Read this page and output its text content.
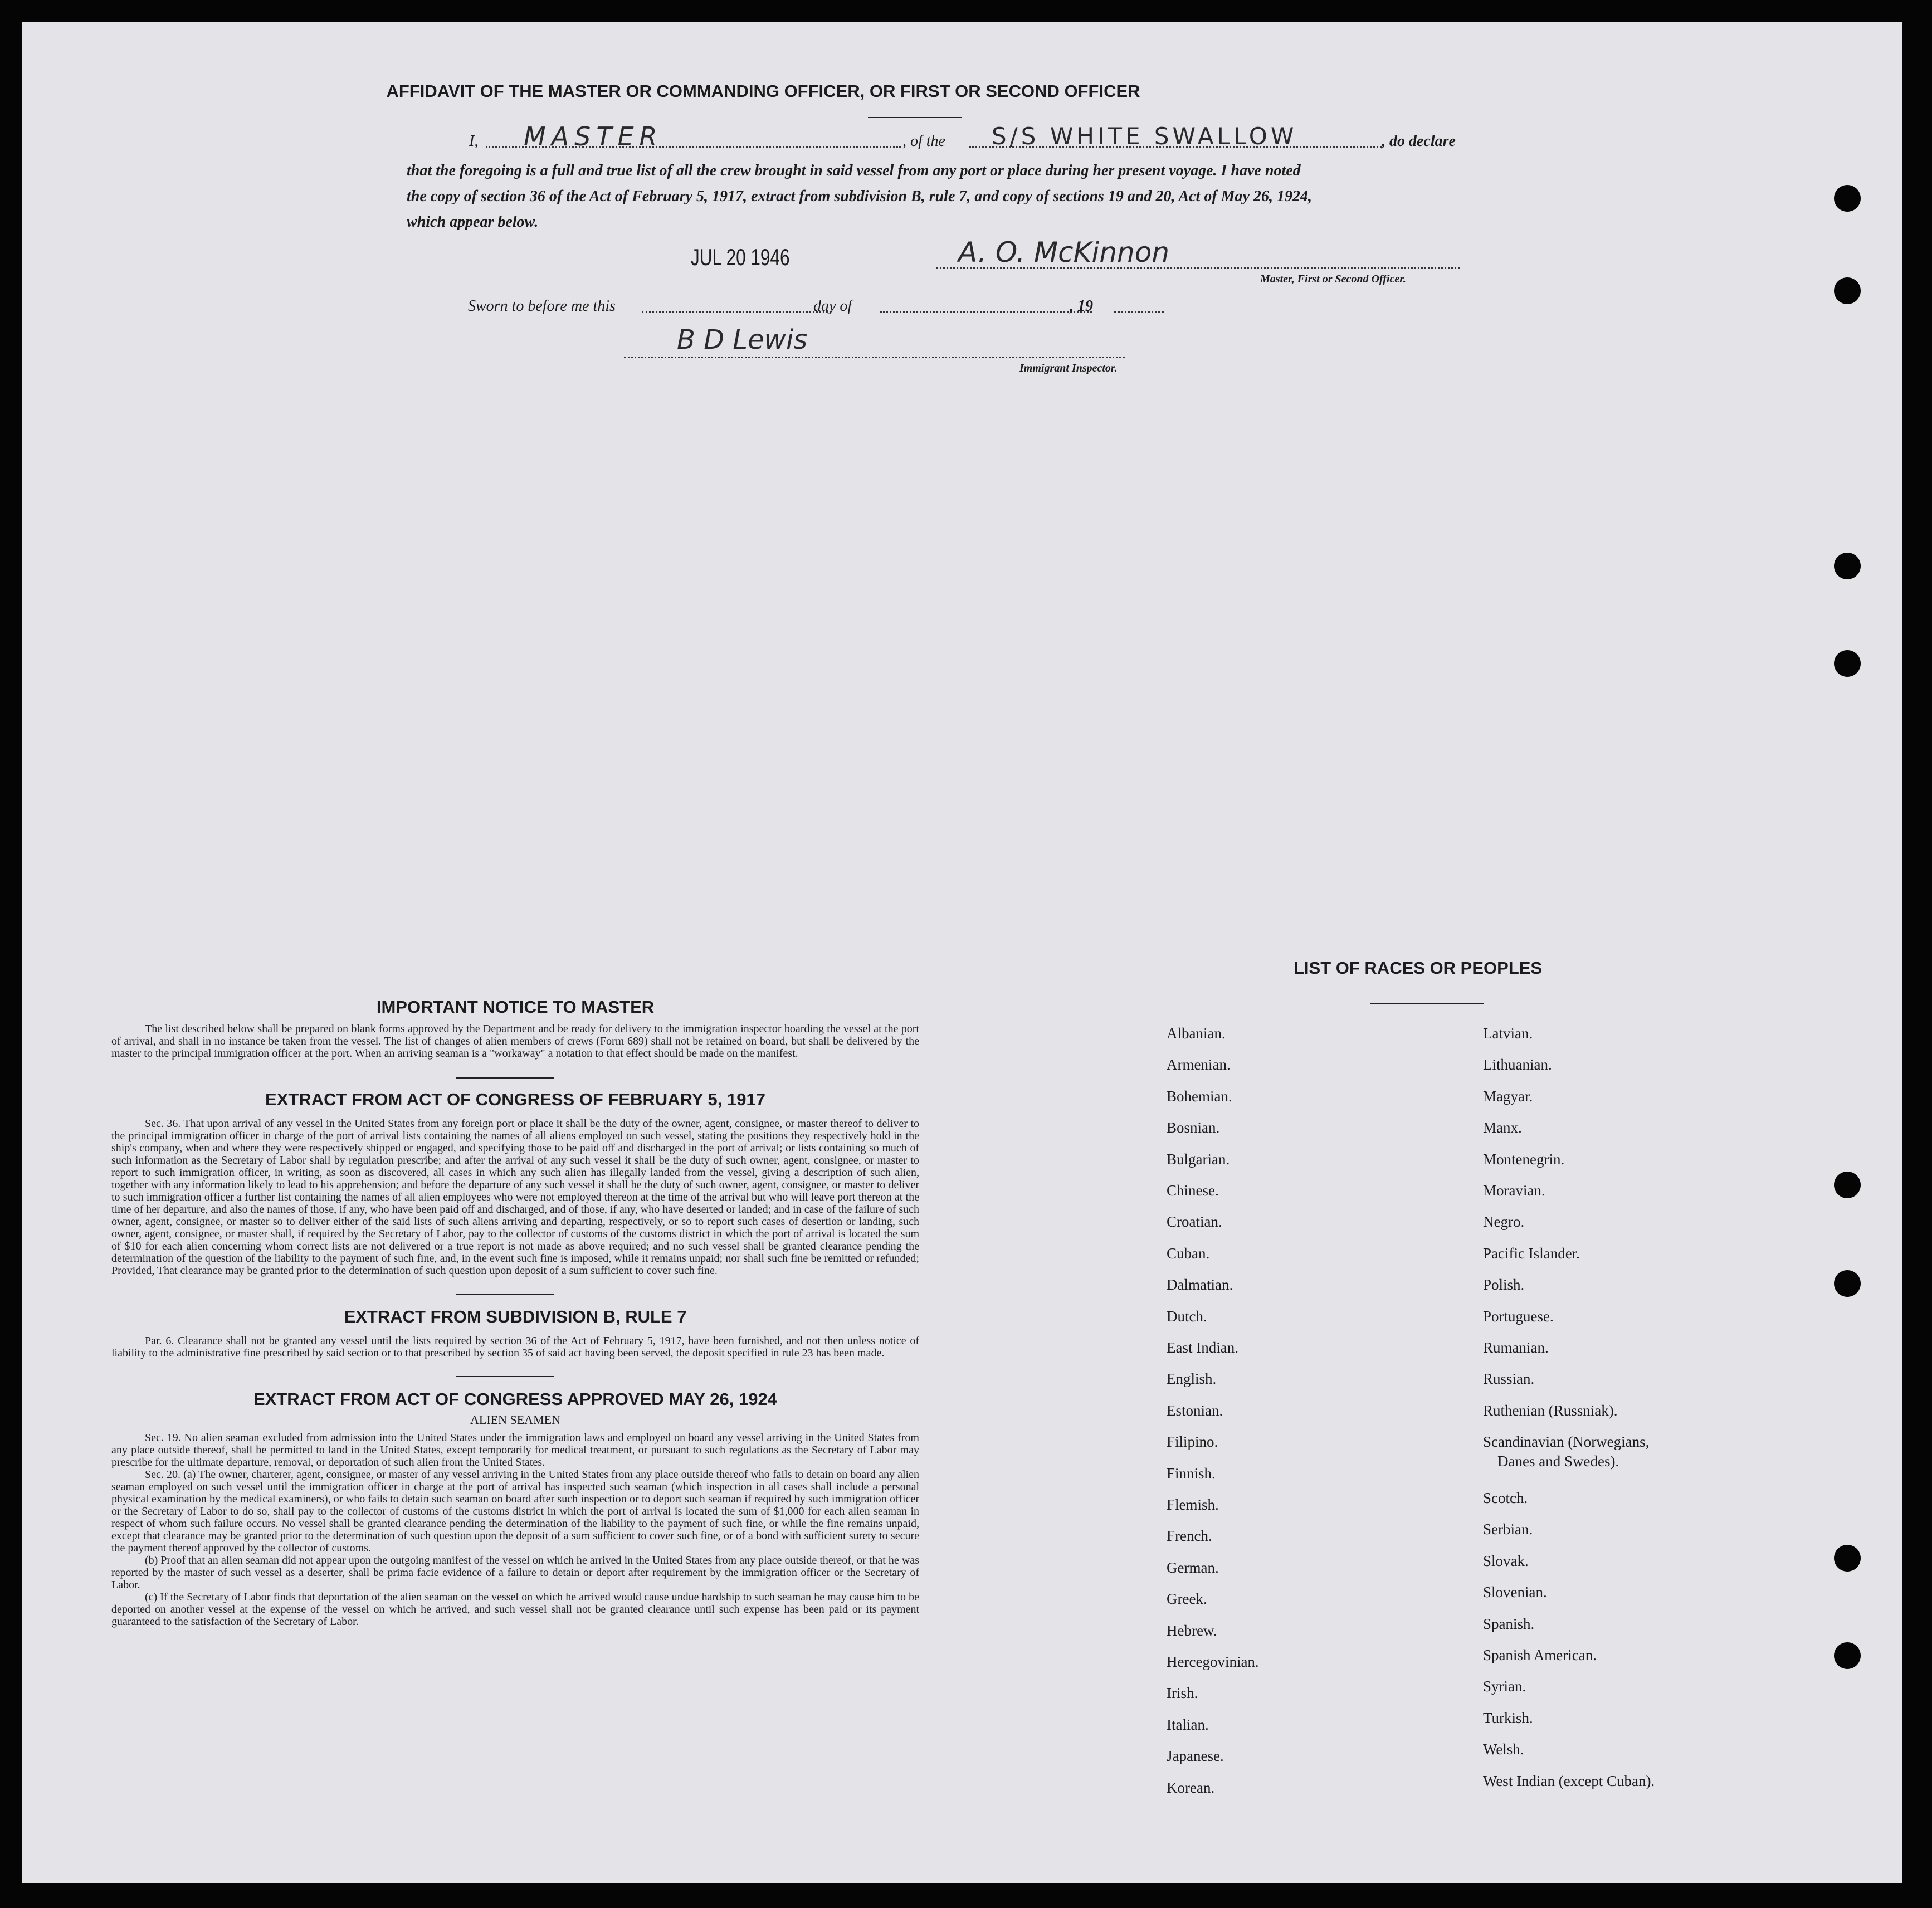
AFFIDAVIT OF THE MASTER OR COMMANDING OFFICER, OR FIRST OR SECOND OFFICER
I, MASTER	, of the S/S WHITE SWALLOW	, do declare
that the foregoing is a full and true list of all the crew brought in said vessel from any port or place during her present voyage. I have noted
the copy of section 36 of the Act of February 5, 1917, extract from subdivision B, rule 7, and copy of sections 19 and 20, Act of May 26, 1924,
which appear below.
JUL 20 1946	A. O. McKinnon
Master, First or Second Officer.
Sworn to before me this	day of	, 19
B D Lewis
Immigrant Inspector.
IMPORTANT NOTICE TO MASTER
The list described below shall be prepared on blank forms approved by the Department and be ready for delivery to the immigration inspector boarding the vessel at the port of arrival, and shall in no instance be taken from the vessel. The list of changes of alien members of crews (Form 689) shall not be retained on board, but shall be delivered by the master to the principal immigration officer at the port. When an arriving seaman is a "workaway" a notation to that effect should be made on the manifest.
EXTRACT FROM ACT OF CONGRESS OF FEBRUARY 5, 1917
Sec. 36. That upon arrival of any vessel in the United States from any foreign port or place it shall be the duty of the owner, agent, consignee, or master thereof to deliver to the principal immigration officer in charge of the port of arrival lists containing the names of all aliens employed on such vessel, stating the positions they respectively hold in the ship's company, when and where they were respectively shipped or engaged, and specifying those to be paid off and discharged in the port of arrival; or lists containing so much of such information as the Secretary of Labor shall by regulation prescribe; and after the arrival of any such vessel it shall be the duty of such owner, agent, consignee, or master to report to such immigration officer, in writing, as soon as discovered, all cases in which any such alien has illegally landed from the vessel, giving a description of such alien, together with any information likely to lead to his apprehension; and before the departure of any such vessel it shall be the duty of such owner, agent, consignee, or master to deliver to such immigration officer a further list containing the names of all alien employees who were not employed thereon at the time of the arrival but who will leave port thereon at the time of her departure, and also the names of those, if any, who have been paid off and discharged, and of those, if any, who have deserted or landed; and in case of the failure of such owner, agent, consignee, or master so to deliver either of the said lists of such aliens arriving and departing, respectively, or so to report such cases of desertion or landing, such owner, agent, consignee, or master shall, if required by the Secretary of Labor, pay to the collector of customs of the customs district in which the port of arrival is located the sum of $10 for each alien concerning whom correct lists are not delivered or a true report is not made as above required; and no such vessel shall be granted clearance pending the determination of the question of the liability to the payment of such fine, and, in the event such fine is imposed, while it remains unpaid; nor shall such fine be remitted or refunded; Provided, That clearance may be granted prior to the determination of such question upon deposit of a sum sufficient to cover such fine.
EXTRACT FROM SUBDIVISION B, RULE 7
Par. 6. Clearance shall not be granted any vessel until the lists required by section 36 of the Act of February 5, 1917, have been furnished, and not then unless notice of liability to the administrative fine prescribed by said section or to that prescribed by section 35 of said act having been served, the deposit specified in rule 23 has been made.
EXTRACT FROM ACT OF CONGRESS APPROVED MAY 26, 1924
ALIEN SEAMEN
Sec. 19. No alien seaman excluded from admission into the United States under the immigration laws and employed on board any vessel arriving in the United States from any place outside thereof, shall be permitted to land in the United States, except temporarily for medical treatment, or pursuant to such regulations as the Secretary of Labor may prescribe for the ultimate departure, removal, or deportation of such alien from the United States.
Sec. 20. (a) The owner, charterer, agent, consignee, or master of any vessel arriving in the United States from any place outside thereof who fails to detain on board any alien seaman employed on such vessel until the immigration officer in charge at the port of arrival has inspected such seaman (which inspection in all cases shall include a personal physical examination by the medical examiners), or who fails to detain such seaman on board after such inspection or to deport such seaman if required by such immigration officer or the Secretary of Labor to do so, shall pay to the collector of customs of the customs district in which the port of arrival is located the sum of $1,000 for each alien seaman in respect of whom such failure occurs. No vessel shall be granted clearance pending the determination of the liability to the payment of such fine, or while the fine remains unpaid, except that clearance may be granted prior to the determination of such question upon the deposit of a sum sufficient to cover such fine, or of a bond with sufficient surety to secure the payment thereof approved by the collector of customs.
(b) Proof that an alien seaman did not appear upon the outgoing manifest of the vessel on which he arrived in the United States from any place outside thereof, or that he was reported by the master of such vessel as a deserter, shall be prima facie evidence of a failure to detain or deport after requirement by the immigration officer or the Secretary of Labor.
(c) If the Secretary of Labor finds that deportation of the alien seaman on the vessel on which he arrived would cause undue hardship to such seaman he may cause him to be deported on another vessel at the expense of the vessel on which he arrived, and such vessel shall not be granted clearance until such expense has been paid or its payment guaranteed to the satisfaction of the Secretary of Labor.
LIST OF RACES OR PEOPLES
Albanian.
Armenian.
Bohemian.
Bosnian.
Bulgarian.
Chinese.
Croatian.
Cuban.
Dalmatian.
Dutch.
East Indian.
English.
Estonian.
Filipino.
Finnish.
Flemish.
French.
German.
Greek.
Hebrew.
Hercegovinian.
Irish.
Italian.
Japanese.
Korean.
Latvian.
Lithuanian.
Magyar.
Manx.
Montenegrin.
Moravian.
Negro.
Pacific Islander.
Polish.
Portuguese.
Rumanian.
Russian.
Ruthenian (Russniak).
Scandinavian (Norwegians,
Danes and Swedes).
Scotch.
Serbian.
Slovak.
Slovenian.
Spanish.
Spanish American.
Syrian.
Turkish.
Welsh.
West Indian (except Cuban).
